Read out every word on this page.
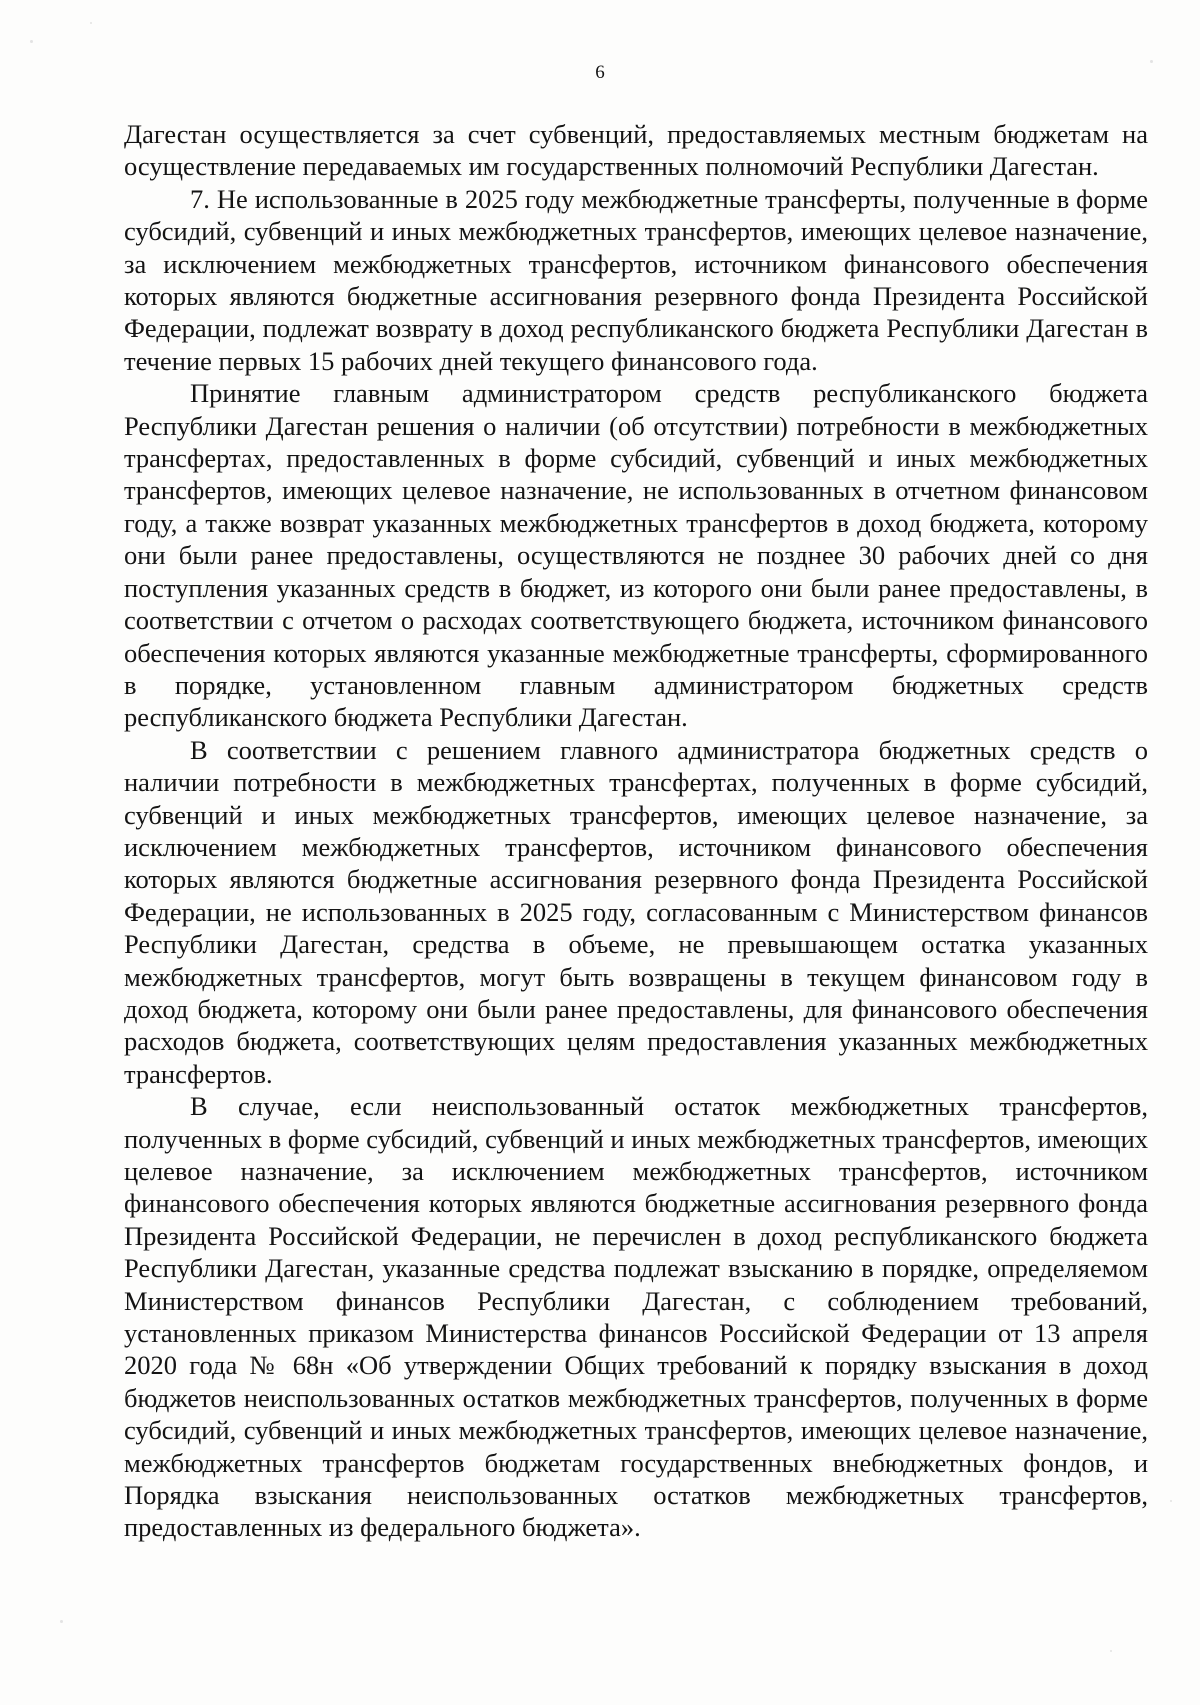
6

Дагестан осуществляется за счет субвенций, предоставляемых местным бюджетам на осуществление передаваемых им государственных полномочий Республики Дагестан.

7. Не использованные в 2025 году межбюджетные трансферты, полученные в форме субсидий, субвенций и иных межбюджетных трансфертов, имеющих целевое назначение, за исключением межбюджетных трансфертов, источником финансового обеспечения которых являются бюджетные ассигнования резервного фонда Президента Российской Федерации, подлежат возврату в доход республиканского бюджета Республики Дагестан в течение первых 15 рабочих дней текущего финансового года.

Принятие главным администратором средств республиканского бюджета Республики Дагестан решения о наличии (об отсутствии) потребности в межбюджетных трансфертах, предоставленных в форме субсидий, субвенций и иных межбюджетных трансфертов, имеющих целевое назначение, не использованных в отчетном финансовом году, а также возврат указанных межбюджетных трансфертов в доход бюджета, которому они были ранее предоставлены, осуществляются не позднее 30 рабочих дней со дня поступления указанных средств в бюджет, из которого они были ранее предоставлены, в соответствии с отчетом о расходах соответствующего бюджета, источником финансового обеспечения которых являются указанные межбюджетные трансферты, сформированного в порядке, установленном главным администратором бюджетных средств республиканского бюджета Республики Дагестан.

В соответствии с решением главного администратора бюджетных средств о наличии потребности в межбюджетных трансфертах, полученных в форме субсидий, субвенций и иных межбюджетных трансфертов, имеющих целевое назначение, за исключением межбюджетных трансфертов, источником финансового обеспечения которых являются бюджетные ассигнования резервного фонда Президента Российской Федерации, не использованных в 2025 году, согласованным с Министерством финансов Республики Дагестан, средства в объеме, не превышающем остатка указанных межбюджетных трансфертов, могут быть возвращены в текущем финансовом году в доход бюджета, которому они были ранее предоставлены, для финансового обеспечения расходов бюджета, соответствующих целям предоставления указанных межбюджетных трансфертов.

В случае, если неиспользованный остаток межбюджетных трансфертов, полученных в форме субсидий, субвенций и иных межбюджетных трансфертов, имеющих целевое назначение, за исключением межбюджетных трансфертов, источником финансового обеспечения которых являются бюджетные ассигнования резервного фонда Президента Российской Федерации, не перечислен в доход республиканского бюджета Республики Дагестан, указанные средства подлежат взысканию в порядке, определяемом Министерством финансов Республики Дагестан, с соблюдением требований, установленных приказом Министерства финансов Российской Федерации от 13 апреля 2020 года № 68н «Об утверждении Общих требований к порядку взыскания в доход бюджетов неиспользованных остатков межбюджетных трансфертов, полученных в форме субсидий, субвенций и иных межбюджетных трансфертов, имеющих целевое назначение, межбюджетных трансфертов бюджетам государственных внебюджетных фондов, и Порядка взыскания неиспользованных остатков межбюджетных трансфертов, предоставленных из федерального бюджета».
